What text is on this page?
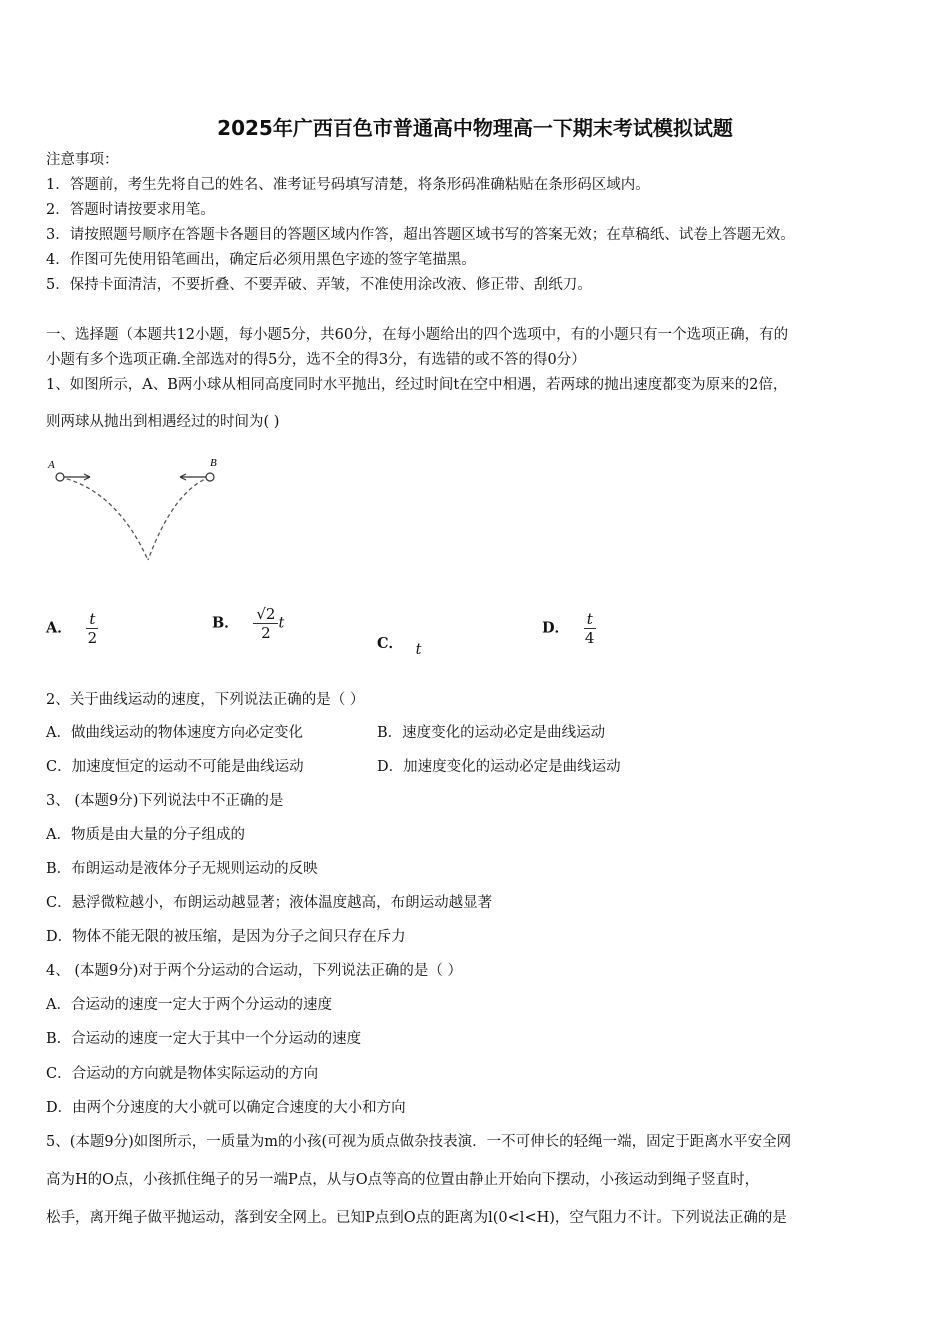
2025年广西百色市普通高中物理高一下期末考试模拟试题
注意事项：
1．答题前，考生先将自己的姓名、准考证号码填写清楚，将条形码准确粘贴在条形码区域内。
2．答题时请按要求用笔。
3．请按照题号顺序在答题卡各题目的答题区域内作答，超出答题区域书写的答案无效；在草稿纸、试卷上答题无效。
4．作图可先使用铅笔画出，确定后必须用黑色字迹的签字笔描黑。
5．保持卡面清洁，不要折叠、不要弄破、弄皱，不准使用涂改液、修正带、刮纸刀。
一、选择题（本题共12小题，每小题5分，共60分，在每小题给出的四个选项中，有的小题只有一个选项正确，有的
小题有多个选项正确.全部选对的得5分，选不全的得3分，有选错的或不答的得0分）
1、如图所示，A、B两小球从相同高度同时水平抛出，经过时间t在空中相遇，若两球的抛出速度都变为原来的2倍，
则两球从抛出到相遇经过的时间为( )
A	B
A． $\frac{t}{2}$	B． $\frac{√2}{2}$ t
C． t
D． $\frac{t}{4}$
2、关于曲线运动的速度，下列说法正确的是（ ）
A．做曲线运动的物体速度方向必定变化	B．速度变化的运动必定是曲线运动
C．加速度恒定的运动不可能是曲线运动	D．加速度变化的运动必定是曲线运动
3、 (本题9分)下列说法中不正确的是
A．物质是由大量的分子组成的
B．布朗运动是液体分子无规则运动的反映
C．悬浮微粒越小，布朗运动越显著；液体温度越高，布朗运动越显著
D．物体不能无限的被压缩，是因为分子之间只存在斥力
4、 (本题9分)对于两个分运动的合运动，下列说法正确的是（ ）
A．合运动的速度一定大于两个分运动的速度
B．合运动的速度一定大于其中一个分运动的速度
C．合运动的方向就是物体实际运动的方向
D．由两个分速度的大小就可以确定合速度的大小和方向
5、(本题9分)如图所示，一质量为m的小孩(可视为质点做杂技表演．一不可伸长的轻绳一端，固定于距离水平安全网
高为H的O点，小孩抓住绳子的另一端P点，从与O点等高的位置由静止开始向下摆动，小孩运动到绳子竖直时，
松手，离开绳子做平抛运动，落到安全网上。已知P点到O点的距离为l(0<l<H)，空气阻力不计。下列说法正确的是
